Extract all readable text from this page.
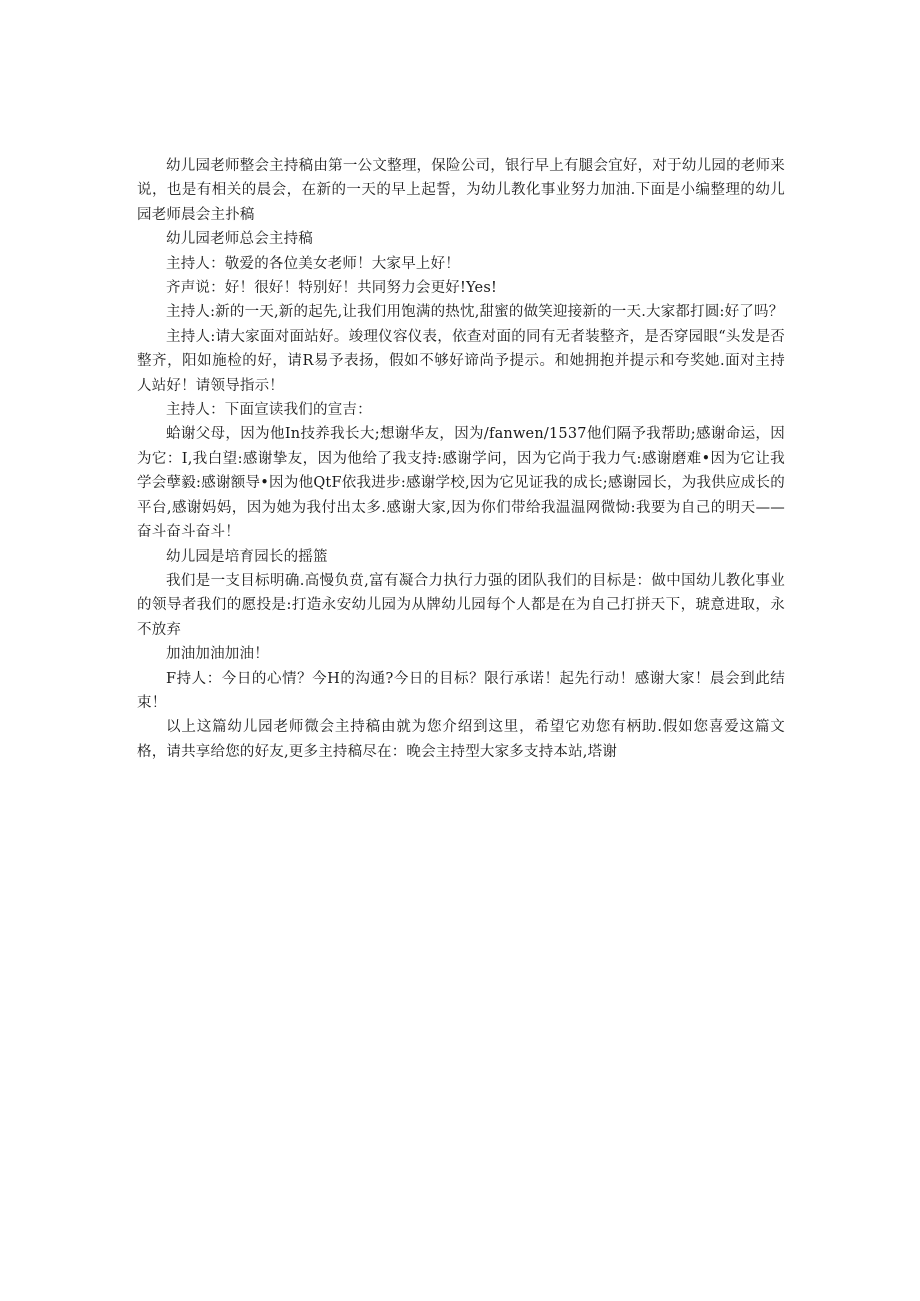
幼儿园老师整会主持稿由第一公文整理，保险公司，银行早上有腿会宜好，对于幼儿园的老师来说，也是有相关的晨会，在新的一天的早上起誓，为幼儿教化事业努力加油.下面是小编整理的幼儿园老师晨会主扑稿

幼儿园老师总会主持稿

主持人：敬爱的各位美女老师！大家早上好！

齐声说：好！很好！特别好！共同努力会更好!Yes!

主持人:新的一天,新的起先,让我们用饱满的热忱,甜蜜的做笑迎接新的一天.大家都打圆:好了吗？

主持人:请大家面对面站好。竣理仪容仪表，依查对面的同有无者装整齐，是否穿园眼“头发是否整齐，阳如施检的好，请R易予表扬，假如不够好谛尚予提示。和她拥抱并提示和夸奖她.面对主持人站好！请领导指示！

主持人：下面宣读我们的宣吉：

蛤谢父母，因为他In技养我长大;想谢华友，因为/fanwen/1537他们隔予我帮助;感谢命运，因为它：I,我白望:感谢挚友，因为他给了我支持:感谢学问，因为它尚于我力气:感谢磨难•因为它让我学会孽毅:感谢额导•因为他QtF依我进步:感谢学校,因为它见证我的成长;感谢园长，为我供应成长的平台,感谢妈妈，因为她为我付出太多.感谢大家,因为你们带给我温温网微恸:我要为自己的明天——奋斗奋斗奋斗！

幼儿园是培育园长的摇篮

我们是一支目标明确.高慢负贲,富有凝合力执行力强的团队我们的目标是：做中国幼儿教化事业的领导者我们的愿投是:打造永安幼儿园为从牌幼儿园每个人都是在为自己打拼天下，琥意进取，永不放弃

加油加油加油！

F持人：今日的心情？今H的沟通?今日的目标？限行承诺！起先行动！感谢大家！晨会到此结束！

以上这篇幼儿园老师微会主持稿由就为您介绍到这里，希望它劝您有柄助.假如您喜爱这篇文格，请共享给您的好友,更多主持稿尽在：晚会主持型大家多支持本站,塔谢
